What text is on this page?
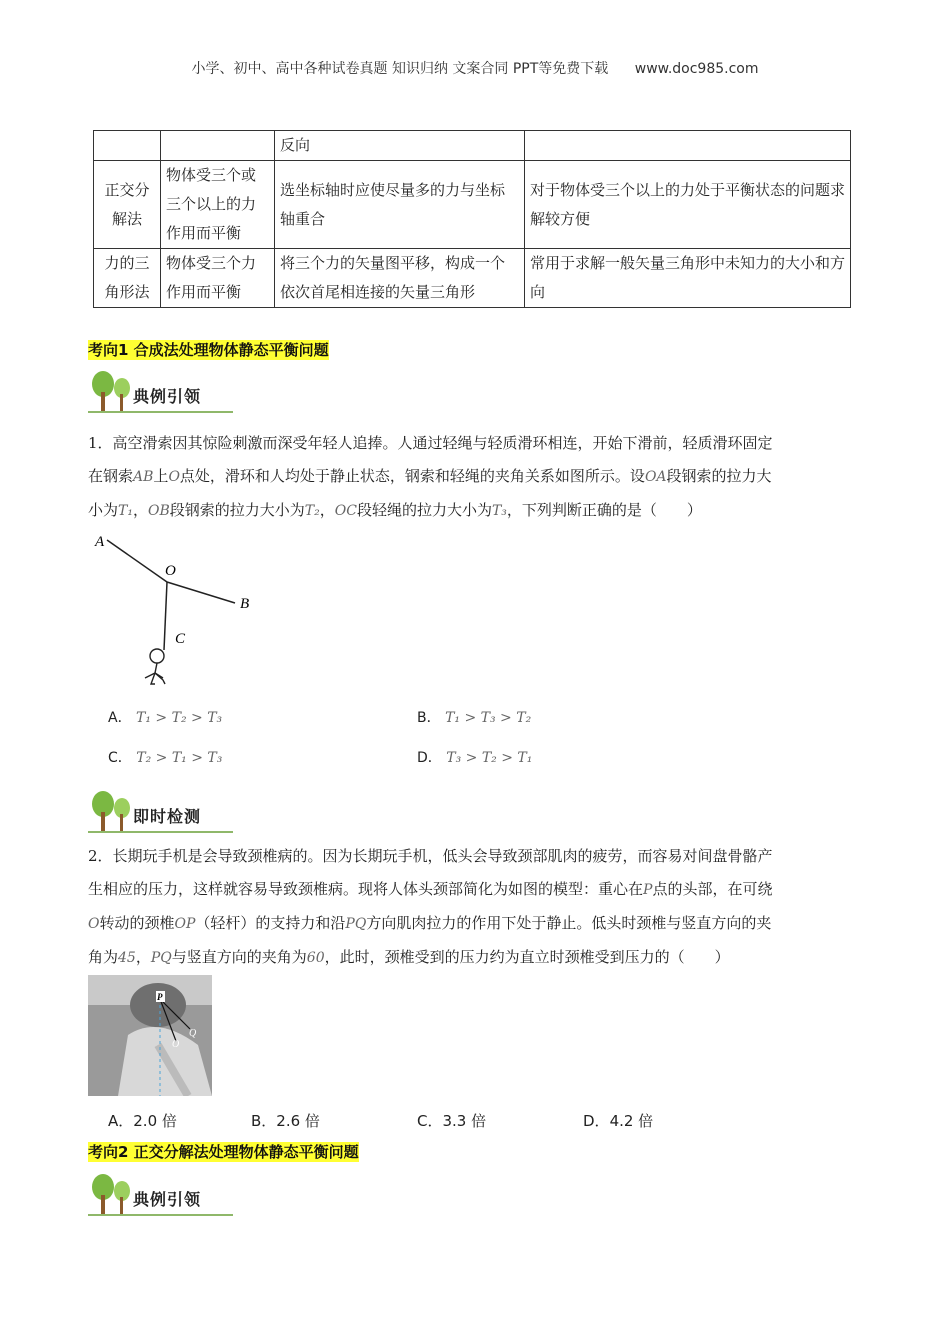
小学、初中、高中各种试卷真题 知识归纳 文案合同 PPT等免费下载 www.doc985.com
		反向	
正交分解法	物体受三个或三个以上的力作用而平衡	选坐标轴时应使尽量多的力与坐标轴重合	对于物体受三个以上的力处于平衡状态的问题求解较方便
力的三角形法	物体受三个力作用而平衡	将三个力的矢量图平移，构成一个依次首尾相连接的矢量三角形	常用于求解一般矢量三角形中未知力的大小和方向
考向1 合成法处理物体静态平衡问题
典例引领
1．高空滑索因其惊险刺激而深受年轻人追捧。人通过轻绳与轻质滑环相连，开始下滑前，轻质滑环固定
在钢索AB上O点处，滑环和人均处于静止状态，钢索和轻绳的夹角关系如图所示。设OA段钢索的拉力大
小为T₁，OB段钢索的拉力大小为T₂，OC段轻绳的拉力大小为T₃，下列判断正确的是（　　）
A
O
B
C
A． T₁ > T₂ > T₃	B． T₁ > T₃ > T₂
C． T₂ > T₁ > T₃	D． T₃ > T₂ > T₁
即时检测
2．长期玩手机是会导致颈椎病的。因为长期玩手机，低头会导致颈部肌肉的疲劳，而容易对间盘骨骼产
生相应的压力，这样就容易导致颈椎病。现将人体头颈部简化为如图的模型：重心在P点的头部，在可绕
O转动的颈椎OP（轻杆）的支持力和沿PQ方向肌肉拉力的作用下处于静止。低头时颈椎与竖直方向的夹
角为45，PQ与竖直方向的夹角为60，此时，颈椎受到的压力约为直立时颈椎受到压力的（　　）
P
O
Q
A．2.0 倍	B．2.6 倍	C．3.3 倍	D．4.2 倍
考向2 正交分解法处理物体静态平衡问题
典例引领
